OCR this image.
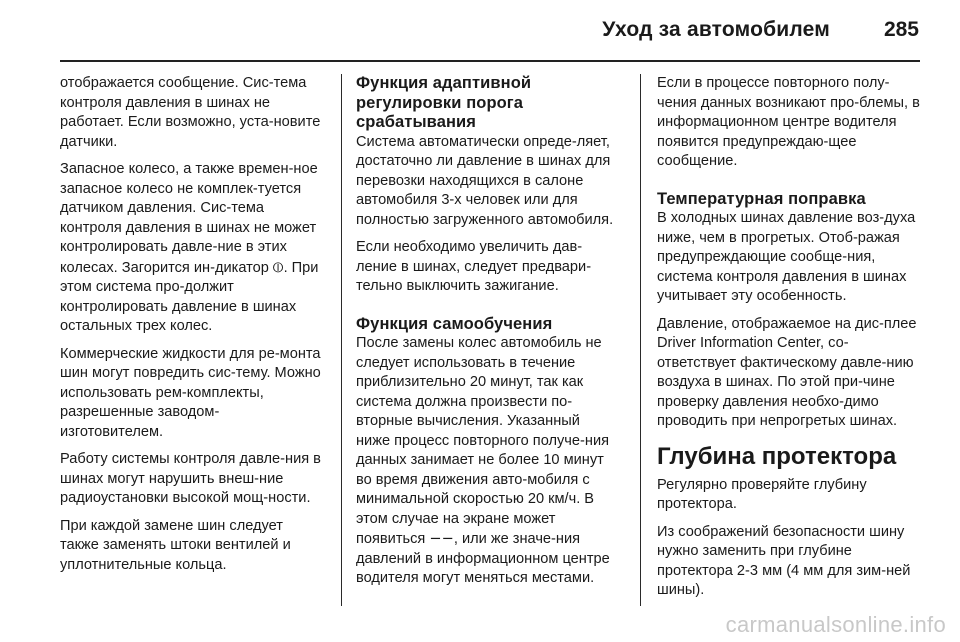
Уход за автомобилем	285

отображается сообщение. Сис-тема контроля давления в шинах не работает. Если возможно, уста-новите датчики.

Запасное колесо, а также времен-ное запасное колесо не комплек-туется датчиком давления. Сис-тема контроля давления в шинах не может контролировать давле-ние в этих колесах. Загорится ин-дикатор ⦶. При этом система про-должит контролировать давление в шинах остальных трех колес.

Коммерческие жидкости для ре-монта шин могут повредить сис-тему. Можно использовать рем-комплекты, разрешенные заводом-изготовителем.

Работу системы контроля давле-ния в шинах могут нарушить внеш-ние радиоустановки высокой мощ-ности.

При каждой замене шин следует также заменять штоки вентилей и уплотнительные кольца.

Функция адаптивной регулировки порога срабатывания

Система автоматически опреде-ляет, достаточно ли давление в шинах для перевозки находящихся в салоне автомобиля 3-х человек или для полностью загруженного автомобиля.

Если необходимо увеличить дав-ление в шинах, следует предвари-тельно выключить зажигание.

Функция самообучения

После замены колес автомобиль не следует использовать в течение приблизительно 20 минут, так как система должна произвести по-вторные вычисления. Указанный ниже процесс повторного получе-ния данных занимает не более 10 минут во время движения авто-мобиля с минимальной скоростью 20 км/ч. В этом случае на экране может появиться −−, или же значе-ния давлений в информационном центре водителя могут меняться местами.

Если в процессе повторного полу-чения данных возникают про-блемы, в информационном центре водителя появится предупреждаю-щее сообщение.

Температурная поправка

В холодных шинах давление воз-духа ниже, чем в прогретых. Отоб-ражая предупреждающие сообще-ния, система контроля давления в шинах учитывает эту особенность.

Давление, отображаемое на дис-плее Driver Information Center, со-ответствует фактическому давле-нию воздуха в шинах. По этой при-чине проверку давления необхо-димо проводить при непрогретых шинах.

Глубина протектора

Регулярно проверяйте глубину протектора.

Из соображений безопасности шину нужно заменить при глубине протектора 2-3 мм (4 мм для зим-ней шины).

carmanualsonline.info
